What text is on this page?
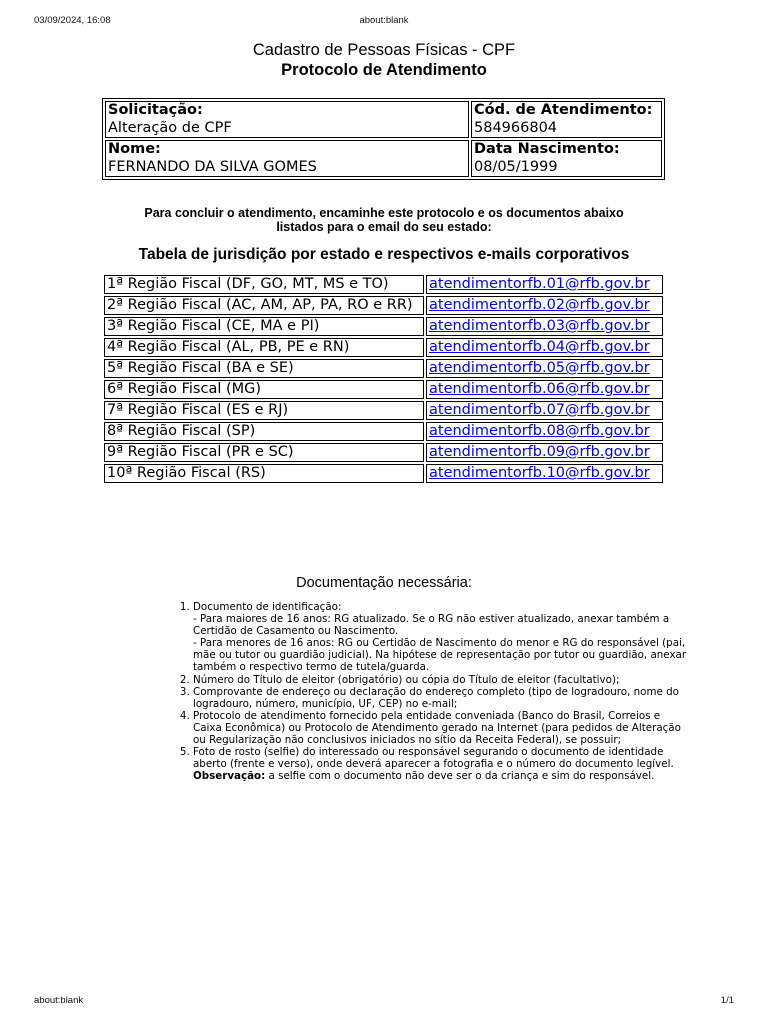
03/09/2024, 16:08	about:blank
Cadastro de Pessoas Físicas - CPF
Protocolo de Atendimento
Solicitação:
Alteração de CPF	Cód. de Atendimento:
584966804

Nome:
FERNANDO DA SILVA GOMES	Data Nascimento:
08/05/1999
Para concluir o atendimento, encaminhe este protocolo e os documentos abaixo
listados para o email do seu estado:
Tabela de jurisdição por estado e respectivos e-mails corporativos
1ª Região Fiscal (DF, GO, MT, MS e TO)	atendimentorfb.01@rfb.gov.br
2ª Região Fiscal (AC, AM, AP, PA, RO e RR)	atendimentorfb.02@rfb.gov.br
3ª Região Fiscal (CE, MA e PI)	atendimentorfb.03@rfb.gov.br
4ª Região Fiscal (AL, PB, PE e RN)	atendimentorfb.04@rfb.gov.br
5ª Região Fiscal (BA e SE)	atendimentorfb.05@rfb.gov.br
6ª Região Fiscal (MG)	atendimentorfb.06@rfb.gov.br
7ª Região Fiscal (ES e RJ)	atendimentorfb.07@rfb.gov.br
8ª Região Fiscal (SP)	atendimentorfb.08@rfb.gov.br
9ª Região Fiscal (PR e SC)	atendimentorfb.09@rfb.gov.br
10ª Região Fiscal (RS)	atendimentorfb.10@rfb.gov.br
Documentação necessária:
1. Documento de identificação:
- Para maiores de 16 anos: RG atualizado. Se o RG não estiver atualizado, anexar também a Certidão de Casamento ou Nascimento.
- Para menores de 16 anos: RG ou Certidão de Nascimento do menor e RG do responsável (pai, mãe ou tutor ou guardião judicial). Na hipótese de representação por tutor ou guardião, anexar também o respectivo termo de tutela/guarda.
2. Número do Título de eleitor (obrigatório) ou cópia do Título de eleitor (facultativo);
3. Comprovante de endereço ou declaração do endereço completo (tipo de logradouro, nome do logradouro, número, município, UF, CEP) no e-mail;
4. Protocolo de atendimento fornecido pela entidade conveniada (Banco do Brasil, Correios e Caixa Econômica) ou Protocolo de Atendimento gerado na Internet (para pedidos de Alteração ou Regularização não conclusivos iniciados no sítio da Receita Federal), se possuir;
5. Foto de rosto (selfie) do interessado ou responsável segurando o documento de identidade aberto (frente e verso), onde deverá aparecer a fotografia e o número do documento legível.
Observação: a selfie com o documento não deve ser o da criança e sim do responsável.
about:blank	1/1
